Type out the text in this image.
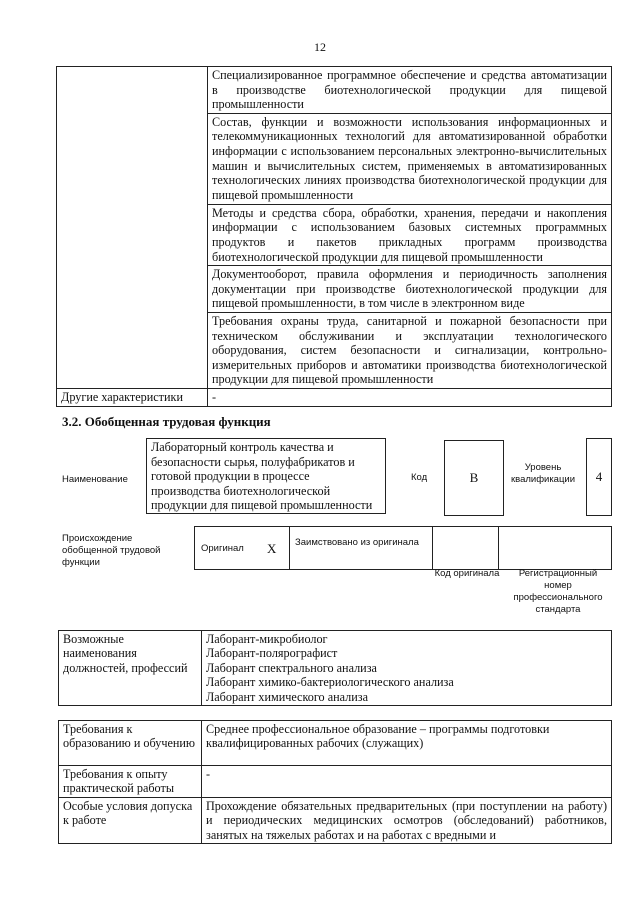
12
	Специализированное программное обеспечение и средства автоматизации в производстве биотехнологической продукции для пищевой промышленности
	Состав, функции и возможности использования информационных и телекоммуникационных технологий для автоматизированной обработки информации с использованием персональных электронно-вычислительных машин и вычислительных систем, применяемых в автоматизированных технологических линиях производства биотехнологической продукции для пищевой промышленности
	Методы и средства сбора, обработки, хранения, передачи и накопления информации с использованием базовых системных программных продуктов и пакетов прикладных программ производства биотехнологической продукции для пищевой промышленности
	Документооборот, правила оформления и периодичность заполнения документации при производстве биотехнологической продукции для пищевой промышленности, в том числе в электронном виде
	Требования охраны труда, санитарной и пожарной безопасности при техническом обслуживании и эксплуатации технологического оборудования, систем безопасности и сигнализации, контрольно-измерительных приборов и автоматики производства биотехнологической продукции для пищевой промышленности
Другие характеристики	-
3.2. Обобщенная трудовая функция
Наименование
Лабораторный контроль качества и безопасности сырья, полуфабрикатов и готовой продукции в процессе производства биотехнологической продукции для пищевой промышленности
Код	B
Уровень квалификации 4
Происхождение обобщенной трудовой функции
Оригинал X Заимствовано из оригинала
Код оригинала	Регистрационный номер профессионального стандарта
Возможные наименования должностей, профессий	
Лаборант-микробиолог
Лаборант-полярографист
Лаборант спектрального анализа
Лаборант химико-бактериологического анализа
Лаборант химического анализа
Требования к образованию и обучению	Среднее профессиональное образование – программы подготовки квалифицированных рабочих (служащих)
Требования к опыту практической работы	-
Особые условия допуска к работе	Прохождение обязательных предварительных (при поступлении на работу) и периодических медицинских осмотров (обследований) работников, занятых на тяжелых работах и на работах с вредными и
